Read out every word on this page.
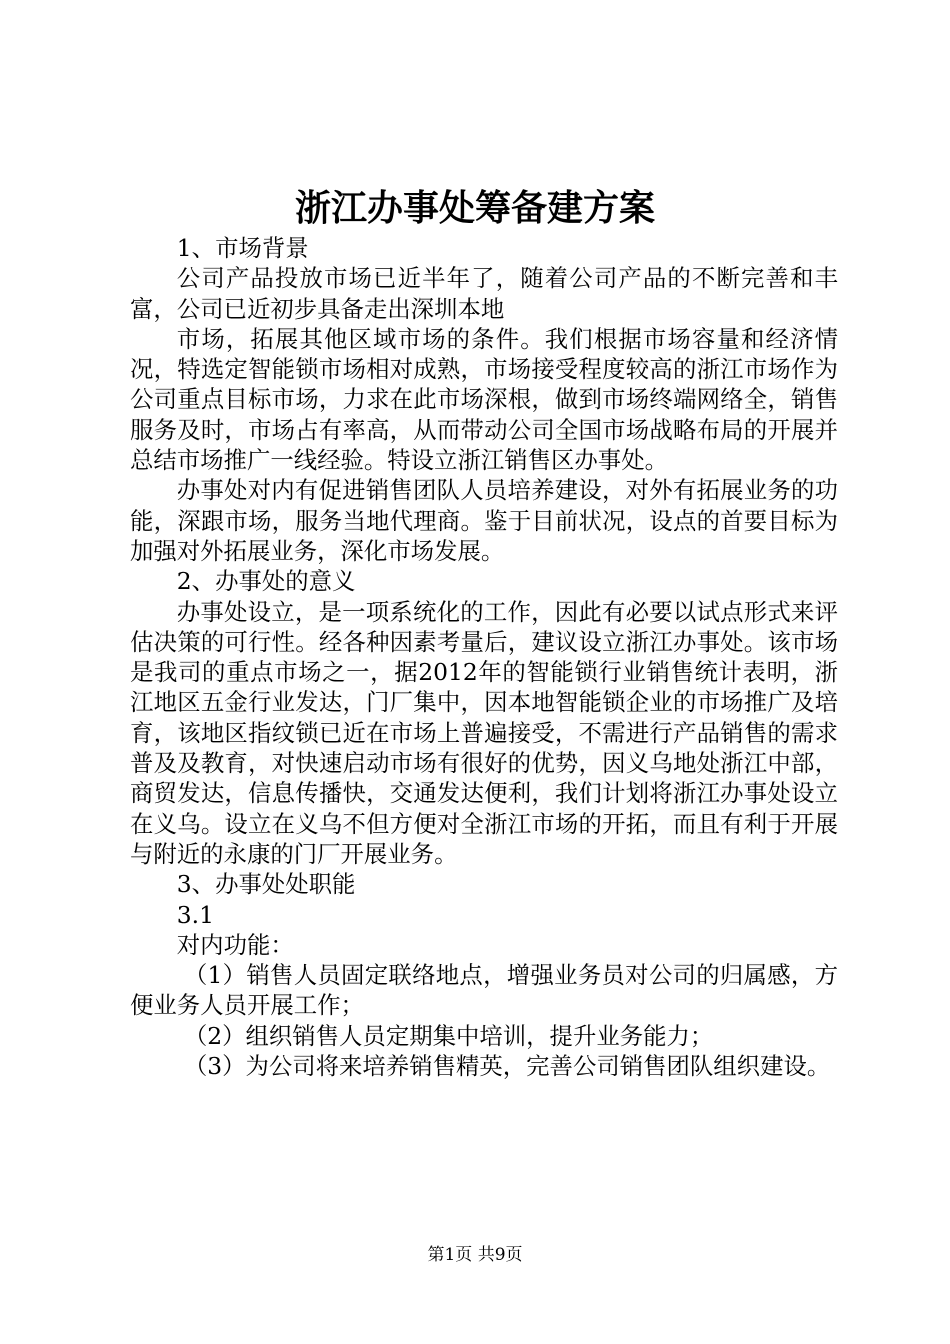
浙江办事处筹备建方案

1、市场背景

公司产品投放市场已近半年了，随着公司产品的不断完善和丰富，公司已近初步具备走出深圳本地

市场，拓展其他区域市场的条件。我们根据市场容量和经济情况，特选定智能锁市场相对成熟，市场接受程度较高的浙江市场作为公司重点目标市场，力求在此市场深根，做到市场终端网络全，销售服务及时，市场占有率高，从而带动公司全国市场战略布局的开展并总结市场推广一线经验。特设立浙江销售区办事处。

办事处对内有促进销售团队人员培养建设，对外有拓展业务的功能，深跟市场，服务当地代理商。鉴于目前状况，设点的首要目标为加强对外拓展业务，深化市场发展。

2、办事处的意义

办事处设立，是一项系统化的工作，因此有必要以试点形式来评估决策的可行性。经各种因素考量后，建议设立浙江办事处。该市场是我司的重点市场之一，据2012年的智能锁行业销售统计表明，浙江地区五金行业发达，门厂集中，因本地智能锁企业的市场推广及培育，该地区指纹锁已近在市场上普遍接受，不需进行产品销售的需求普及及教育，对快速启动市场有很好的优势，因义乌地处浙江中部，商贸发达，信息传播快，交通发达便利，我们计划将浙江办事处设立在义乌。设立在义乌不但方便对全浙江市场的开拓，而且有利于开展与附近的永康的门厂开展业务。

3、办事处处职能

3.1

对内功能：

（1）销售人员固定联络地点，增强业务员对公司的归属感，方便业务人员开展工作；

（2）组织销售人员定期集中培训，提升业务能力；

（3）为公司将来培养销售精英，完善公司销售团队组织建设。

第1页 共9页
